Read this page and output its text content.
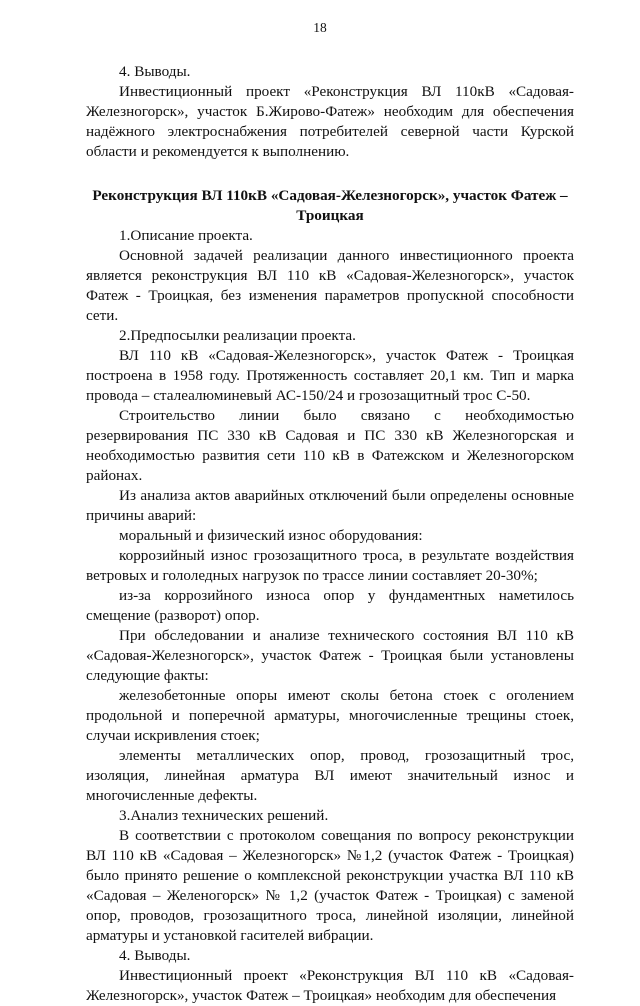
18

4. Выводы.

Инвестиционный проект «Реконструкция ВЛ 110кВ «Садовая-Железногорск», участок Б.Жирово-Фатеж» необходим для обеспечения надёжного электроснабжения потребителей северной части Курской области и рекомендуется к выполнению.

Реконструкция ВЛ 110кВ «Садовая-Железногорск», участок Фатеж – Троицкая

1.Описание проекта.

Основной задачей реализации данного инвестиционного проекта является реконструкция ВЛ 110 кВ «Садовая-Железногорск», участок Фатеж - Троицкая, без изменения параметров пропускной способности сети.

2.Предпосылки реализации проекта.

ВЛ 110 кВ «Садовая-Железногорск», участок Фатеж - Троицкая построена в 1958 году. Протяженность составляет 20,1 км. Тип и марка провода – сталеалюминевый АС-150/24 и грозозащитный трос С-50.

Строительство линии было связано с необходимостью резервирования ПС 330 кВ Садовая и ПС 330 кВ Железногорская и необходимостью развития сети 110 кВ в Фатежском и Железногорском районах.

Из анализа актов аварийных отключений были определены основные причины аварий:

моральный и физический износ оборудования:

коррозийный износ грозозащитного троса, в результате воздействия ветровых и гололедных нагрузок по трассе линии составляет 20-30%;

из-за коррозийного износа опор у фундаментных наметилось смещение (разворот) опор.

При обследовании и анализе технического состояния ВЛ 110 кВ «Садовая-Железногорск», участок Фатеж - Троицкая были установлены следующие факты:

железобетонные опоры имеют сколы бетона стоек с оголением продольной и поперечной арматуры, многочисленные трещины стоек, случаи искривления стоек;

элементы металлических опор, провод, грозозащитный трос, изоляция, линейная арматура ВЛ имеют значительный износ и многочисленные дефекты.

3.Анализ технических решений.

В соответствии с протоколом совещания по вопросу реконструкции ВЛ 110 кВ «Садовая – Железногорск» №1,2 (участок Фатеж - Троицкая) было принято решение о комплексной реконструкции участка ВЛ 110 кВ «Садовая – Желеногорск» № 1,2 (участок Фатеж - Троицкая) с заменой опор, проводов, грозозащитного троса, линейной изоляции, линейной арматуры и установкой гасителей вибрации.

4. Выводы.

Инвестиционный проект «Реконструкция ВЛ 110 кВ «Садовая-Железногорск», участок Фатеж – Троицкая» необходим для обеспечения
